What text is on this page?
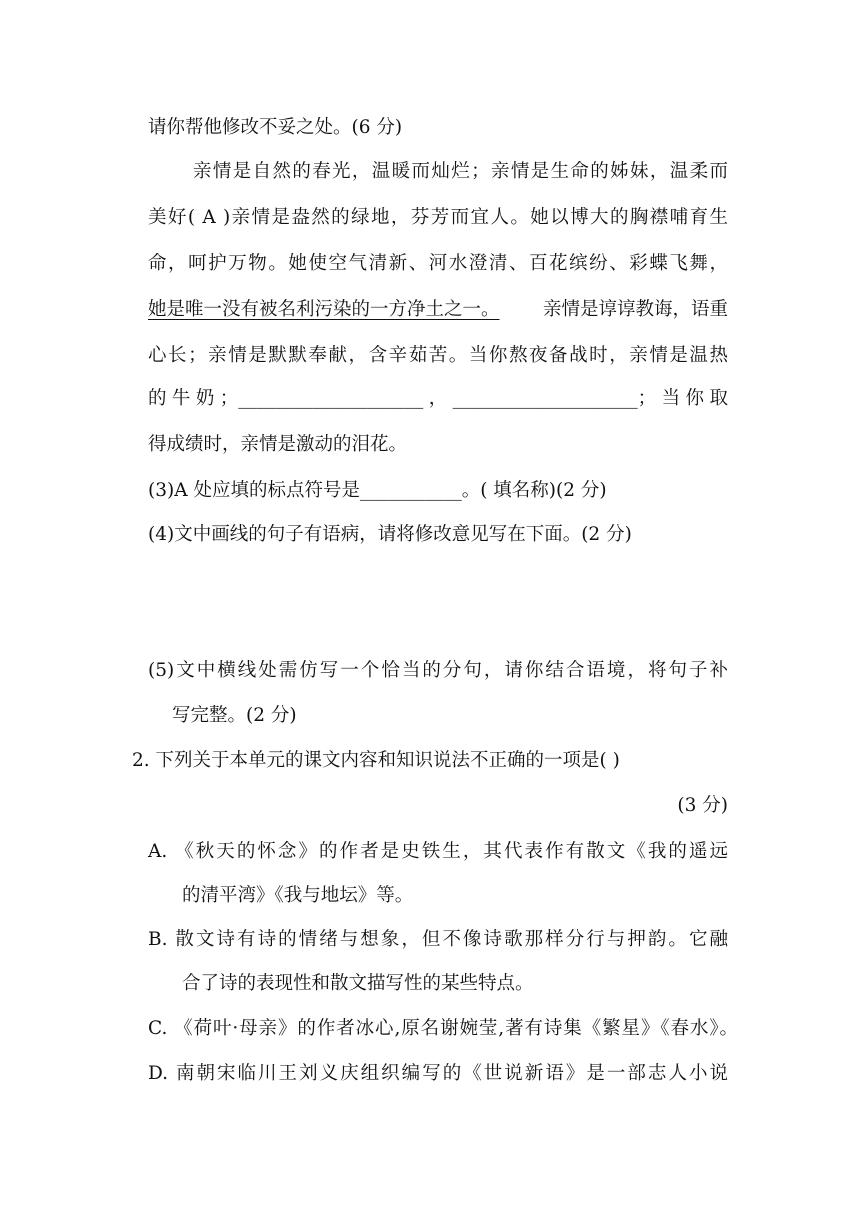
请你帮他修改不妥之处。(6 分)
亲情是自然的春光，温暖而灿烂；亲情是生命的姊妹，温柔而
美好( A )亲情是盎然的绿地，芬芳而宜人。她以博大的胸襟哺育生
命，呵护万物。她使空气清新、河水澄清、百花缤纷、彩蝶飞舞，
她是唯一没有被名利污染的一方净土之一。 亲情是谆谆教诲，语重
心长；亲情是默默奉献，含辛茹苦。当你熬夜备战时，亲情是温热
的牛奶；____________________，____________________；当你取
得成绩时，亲情是激动的泪花。
(3)A 处应填的标点符号是___________。( 填名称)(2 分)
(4)文中画线的句子有语病，请将修改意见写在下面。(2 分)
(5)文中横线处需仿写一个恰当的分句，请你结合语境，将句子补
写完整。(2 分)
2. 下列关于本单元的课文内容和知识说法不正确的一项是( )
(3 分)
A. 《秋天的怀念》的作者是史铁生，其代表作有散文《我的遥远
的清平湾》《我与地坛》等。
B. 散文诗有诗的情绪与想象，但不像诗歌那样分行与押韵。它融
合了诗的表现性和散文描写性的某些特点。
C. 《荷叶·母亲》的作者冰心,原名谢婉莹,著有诗集《繁星》《春水》。
D. 南朝宋临川王刘义庆组织编写的《世说新语》是一部志人小说
